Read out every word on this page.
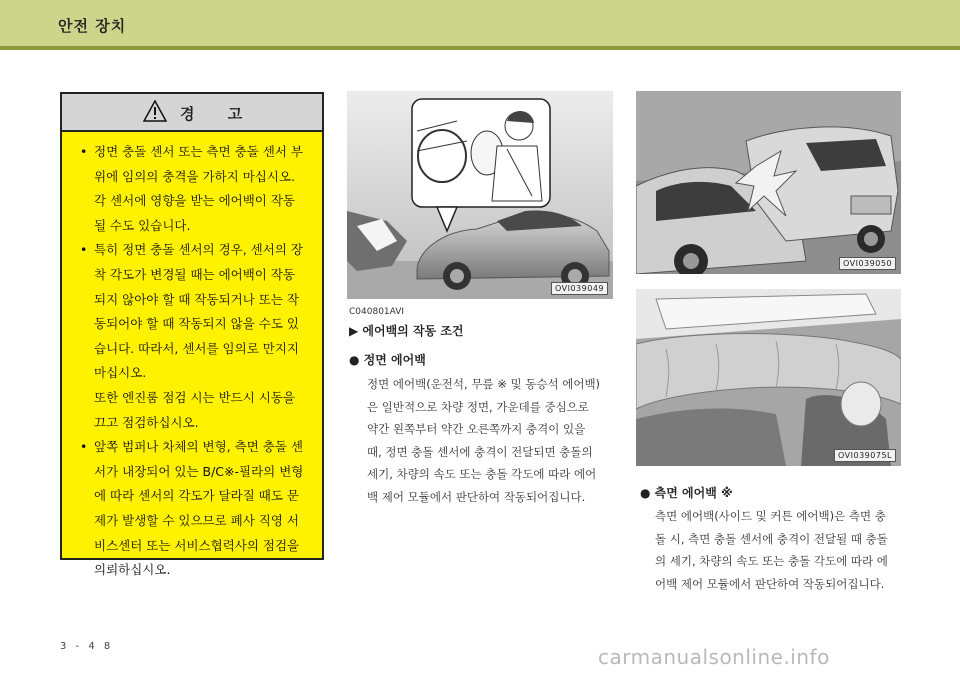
안전 장치
경 고
• 정면 충돌 센서 또는 측면 충돌 센서 부
위에 임의의 충격을 가하지 마십시오.
각 센서에 영향을 받는 에어백이 작동
될 수도 있습니다.
• 특히 정면 충돌 센서의 경우, 센서의 장
착 각도가 변경될 때는 에어백이 작동
되지 않아야 할 때 작동되거나 또는 작
동되어야 할 때 작동되지 않을 수도 있
습니다. 따라서, 센서를 임의로 만지지
마십시오.
또한 엔진룸 점검 시는 반드시 시동을
끄고 점검하십시오.
• 앞쪽 범퍼나 차체의 변형, 측면 충돌 센
서가 내장되어 있는 B/C※-필라의 변형
에 따라 센서의 각도가 달라질 때도 문
제가 발생할 수 있으므로 폐사 직영 서
비스센터 또는 서비스협력사의 점검을
의뢰하십시오.
OVI039049
OVI039050
OVI039075L
C040801AVI
▶ 에어백의 작동 조건
● 정면 에어백

정면 에어백(운전석, 무릎 ※ 및 동승석 에어백)

은 일반적으로 차량 정면, 가운데를 중심으로

약간 왼쪽부터 약간 오른쪽까지 충격이 있을

때, 정면 충돌 센서에 충격이 전달되면 충돌의

세기, 차량의 속도 또는 충돌 각도에 따라 에어

백 제어 모듈에서 판단하여 작동되어집니다.	● 측면 에어백 ※

측면 에어백(사이드 및 커튼 에어백)은 측면 충

돌 시, 측면 충돌 센서에 충격이 전달될 때 충돌

의 세기, 차량의 속도 또는 충돌 각도에 따라 에

어백 제어 모듈에서 판단하여 작동되어집니다.

3 - 4 8	carmanualsonline.info
